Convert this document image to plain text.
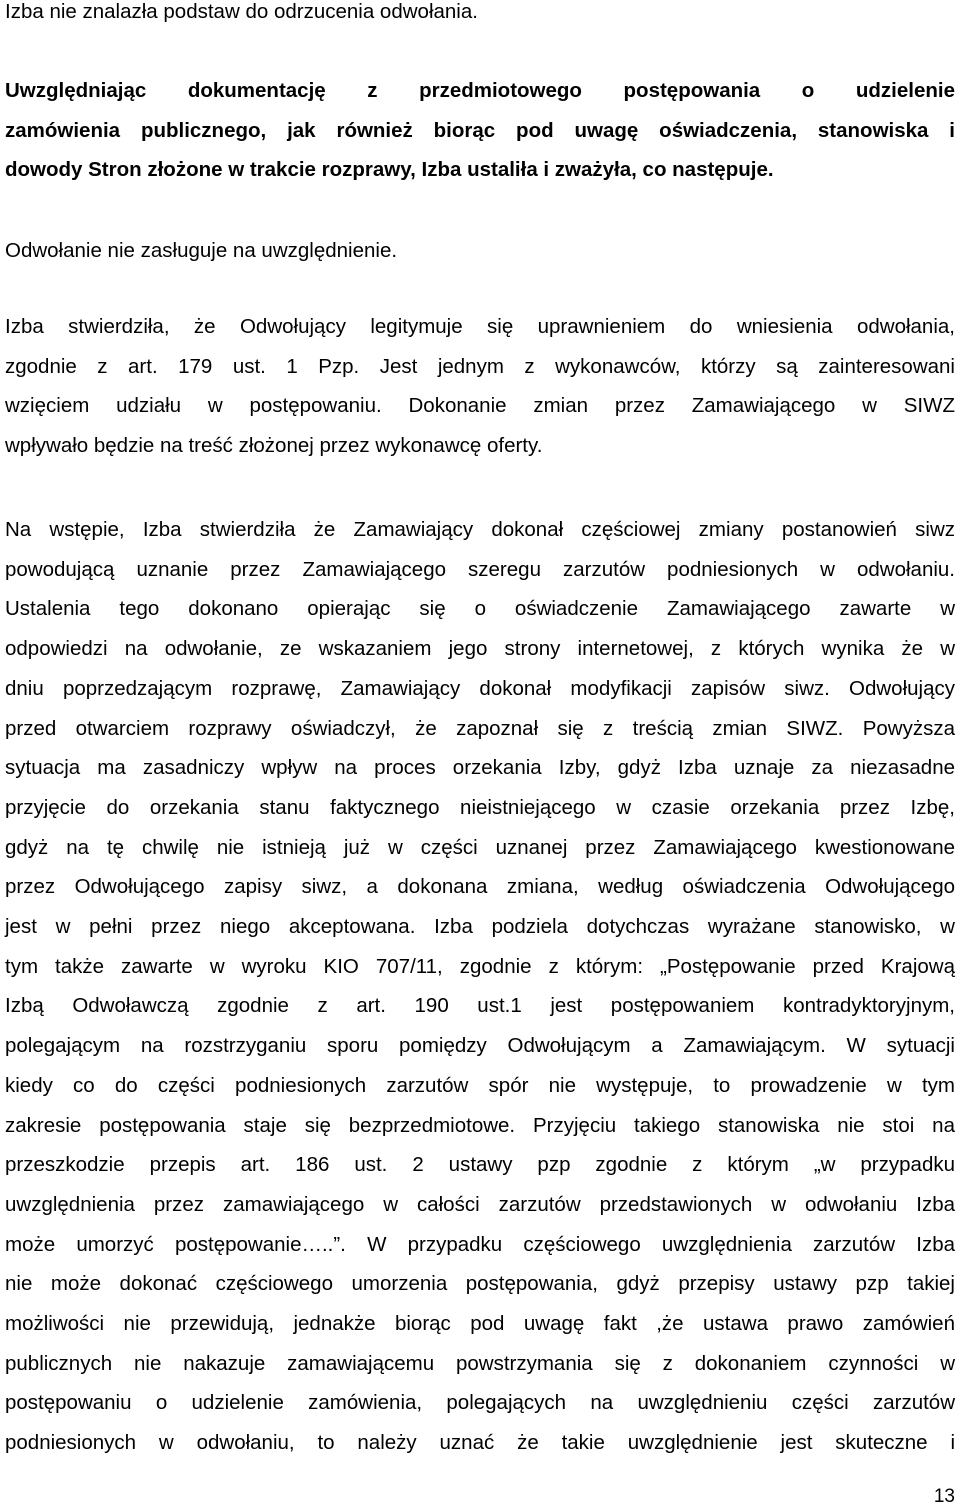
Izba nie znalazła podstaw do odrzucenia odwołania.
Uwzględniając dokumentację z przedmiotowego postępowania o udzielenie
zamówienia publicznego, jak również biorąc pod uwagę oświadczenia, stanowiska i
dowody Stron złożone w trakcie rozprawy, Izba ustaliła i zważyła, co następuje.
Odwołanie nie zasługuje na uwzględnienie.
Izba stwierdziła, że Odwołujący legitymuje się uprawnieniem do wniesienia odwołania,
zgodnie z art. 179 ust. 1 Pzp. Jest jednym z wykonawców, którzy są zainteresowani
wzięciem udziału w postępowaniu. Dokonanie zmian przez Zamawiającego w SIWZ
wpływało będzie na treść złożonej przez wykonawcę oferty.
Na wstępie, Izba stwierdziła że Zamawiający dokonał częściowej zmiany postanowień siwz
powodującą uznanie przez Zamawiającego szeregu zarzutów podniesionych w odwołaniu.
Ustalenia tego dokonano opierając się o oświadczenie Zamawiającego zawarte w
odpowiedzi na odwołanie, ze wskazaniem jego strony internetowej, z których wynika że w
dniu poprzedzającym rozprawę, Zamawiający dokonał modyfikacji zapisów siwz. Odwołujący
przed otwarciem rozprawy oświadczył, że zapoznał się z treścią zmian SIWZ. Powyższa
sytuacja ma zasadniczy wpływ na proces orzekania Izby, gdyż Izba uznaje za niezasadne
przyjęcie do orzekania stanu faktycznego nieistniejącego w czasie orzekania przez Izbę,
gdyż na tę chwilę nie istnieją już w części uznanej przez Zamawiającego kwestionowane
przez Odwołującego zapisy siwz, a dokonana zmiana, według oświadczenia Odwołującego
jest w pełni przez niego akceptowana. Izba podziela dotychczas wyrażane stanowisko, w
tym także zawarte w wyroku KIO 707/11, zgodnie z którym: „Postępowanie przed Krajową
Izbą Odwoławczą zgodnie z art. 190 ust.1 jest postępowaniem kontradyktoryjnym,
polegającym na rozstrzyganiu sporu pomiędzy Odwołującym a Zamawiającym. W sytuacji
kiedy co do części podniesionych zarzutów spór nie występuje, to prowadzenie w tym
zakresie postępowania staje się bezprzedmiotowe. Przyjęciu takiego stanowiska nie stoi na
przeszkodzie przepis art. 186 ust. 2 ustawy pzp zgodnie z którym „w przypadku
uwzględnienia przez zamawiającego w całości zarzutów przedstawionych w odwołaniu Izba
może umorzyć postępowanie…..”. W przypadku częściowego uwzględnienia zarzutów Izba
nie może dokonać częściowego umorzenia postępowania, gdyż przepisy ustawy pzp takiej
możliwości nie przewidują, jednakże biorąc pod uwagę fakt ,że ustawa prawo zamówień
publicznych nie nakazuje zamawiającemu powstrzymania się z dokonaniem czynności w
postępowaniu o udzielenie zamówienia, polegających na uwzględnieniu części zarzutów
podniesionych w odwołaniu, to należy uznać że takie uwzględnienie jest skuteczne i
13
